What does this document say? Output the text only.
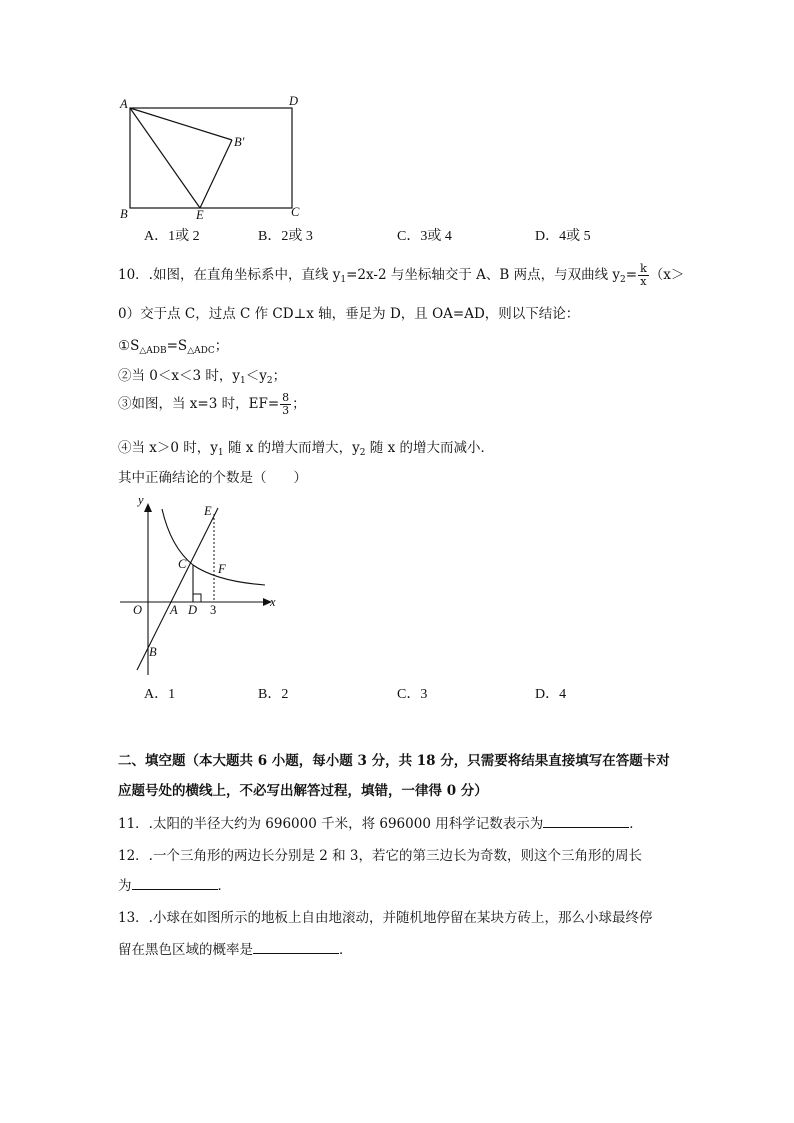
A	D
B	C
E
B′
A．1或 2	B．2或 3	C．3或 4	D．4或 5
10．.如图，在直角坐标系中，直线 $y_1=2x-2$ 与坐标轴交于 A、B 两点，与双曲线 $y_2= \frac{k}{x} (x>$
0）交于点 C，过点 C 作 CD⊥x 轴，垂足为 D，且 OA=AD，则以下结论：
$①S_{\triangle ADB}=S_{\triangle ADC}$；
②当 0＜x＜3 时，$y_1<y_2$；
③如图，当 x=3 时，$EF= \frac{8}{3}$ ；
④当 x＞0 时，$y_1$ 随 x 的增大而增大，$y_2$ 随 x 的增大而减小．
其中正确结论的个数是（　　）
y
x
O A D 3
B
C
E
F
A．1	B．2	C．3	D．4
二、填空题（本大题共 6 小题，每小题 3 分，共 18 分，只需要将结果直接填写在答题卡对
应题号处的横线上，不必写出解答过程，填错，一律得 0 分）
11．.太阳的半径大约为 696000 千米，将 696000 用科学记数表示为	．
12．.一个三角形的两边长分别是 2 和 3，若它的第三边长为奇数，则这个三角形的周长
为	．
13．.小球在如图所示的地板上自由地滚动，并随机地停留在某块方砖上，那么小球最终停
留在黑色区域的概率是	．
